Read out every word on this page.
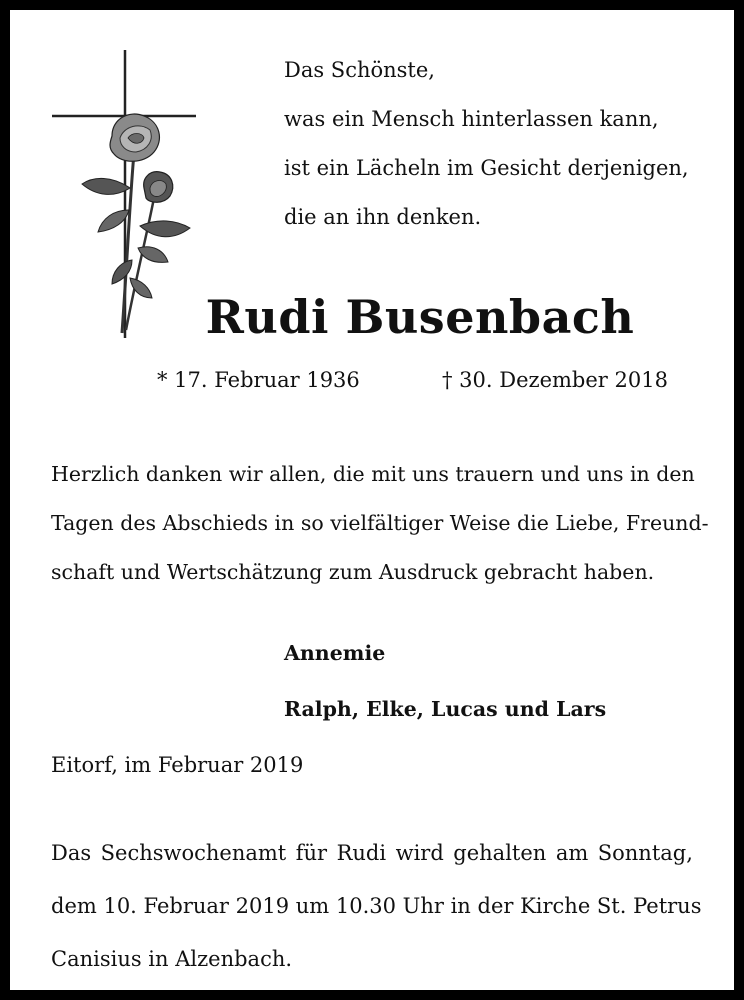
Das Schönste,
was ein Mensch hinterlassen kann,
ist ein Lächeln im Gesicht derjenigen,
die an ihn denken.
Rudi Busenbach
* 17. Februar 1936	† 30. Dezember 2018
Herzlich danken wir allen, die mit uns trauern und uns in den
Tagen des Abschieds in so vielfältiger Weise die Liebe, Freund-
schaft und Wertschätzung zum Ausdruck gebracht haben.
Annemie
Ralph, Elke, Lucas und Lars
Eitorf, im Februar 2019
Das Sechswochenamt für Rudi wird gehalten am Sonntag,
dem 10. Februar 2019 um 10.30 Uhr in der Kirche St. Petrus
Canisius in Alzenbach.
